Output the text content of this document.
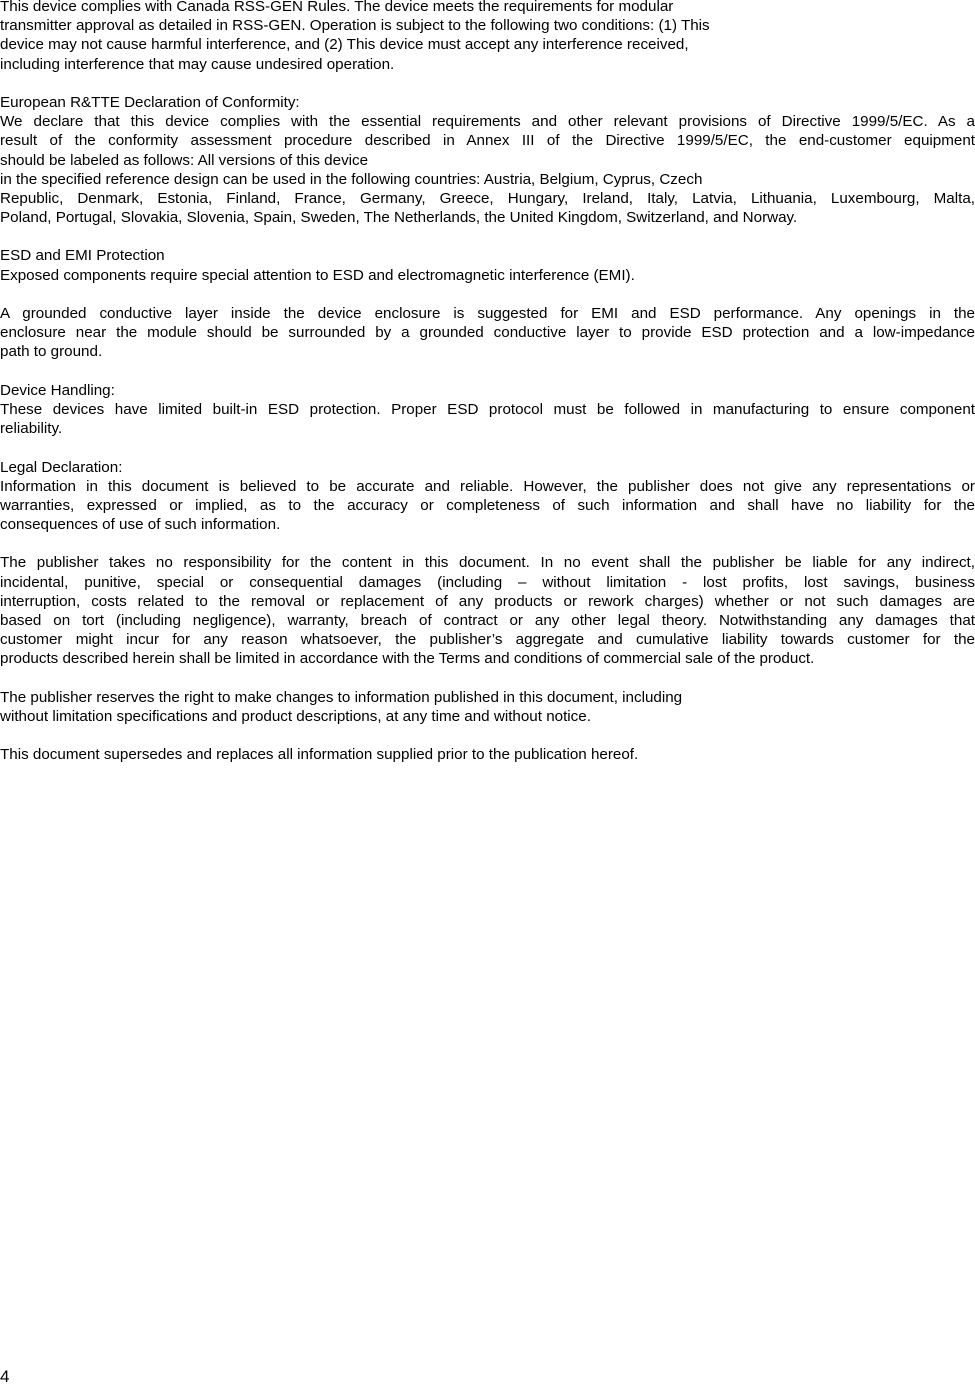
This device complies with Canada RSS-GEN Rules. The device meets the requirements for modular
transmitter approval as detailed in RSS-GEN. Operation is subject to the following two conditions: (1) This
device may not cause harmful interference, and (2) This device must accept any interference received,
including interference that may cause undesired operation.
European R&TTE Declaration of Conformity:
We declare that this device complies with the essential requirements and other relevant provisions of Directive 1999/5/EC. As a
result of the conformity assessment procedure described in Annex III of the Directive 1999/5/EC, the end-customer equipment
should be labeled as follows: All versions of this device
in the specified reference design can be used in the following countries: Austria, Belgium, Cyprus, Czech
Republic, Denmark, Estonia, Finland, France, Germany, Greece, Hungary, Ireland, Italy, Latvia, Lithuania, Luxembourg, Malta,
Poland, Portugal, Slovakia, Slovenia, Spain, Sweden, The Netherlands, the United Kingdom, Switzerland, and Norway.
ESD and EMI Protection
Exposed components require special attention to ESD and electromagnetic interference (EMI).
A grounded conductive layer inside the device enclosure is suggested for EMI and ESD performance. Any openings in the
enclosure near the module should be surrounded by a grounded conductive layer to provide ESD protection and a low-impedance
path to ground.
Device Handling:
These devices have limited built-in ESD protection. Proper ESD protocol must be followed in manufacturing to ensure component
reliability.
Legal Declaration:
Information in this document is believed to be accurate and reliable. However, the publisher does not give any representations or
warranties, expressed or implied, as to the accuracy or completeness of such information and shall have no liability for the
consequences of use of such information.
The publisher takes no responsibility for the content in this document. In no event shall the publisher be liable for any indirect,
incidental, punitive, special or consequential damages (including – without limitation - lost profits, lost savings, business
interruption, costs related to the removal or replacement of any products or rework charges) whether or not such damages are
based on tort (including negligence), warranty, breach of contract or any other legal theory. Notwithstanding any damages that
customer might incur for any reason whatsoever, the publisher’s aggregate and cumulative liability towards customer for the
products described herein shall be limited in accordance with the Terms and conditions of commercial sale of the product.
The publisher reserves the right to make changes to information published in this document, including
without limitation specifications and product descriptions, at any time and without notice.
This document supersedes and replaces all information supplied prior to the publication hereof.
4
